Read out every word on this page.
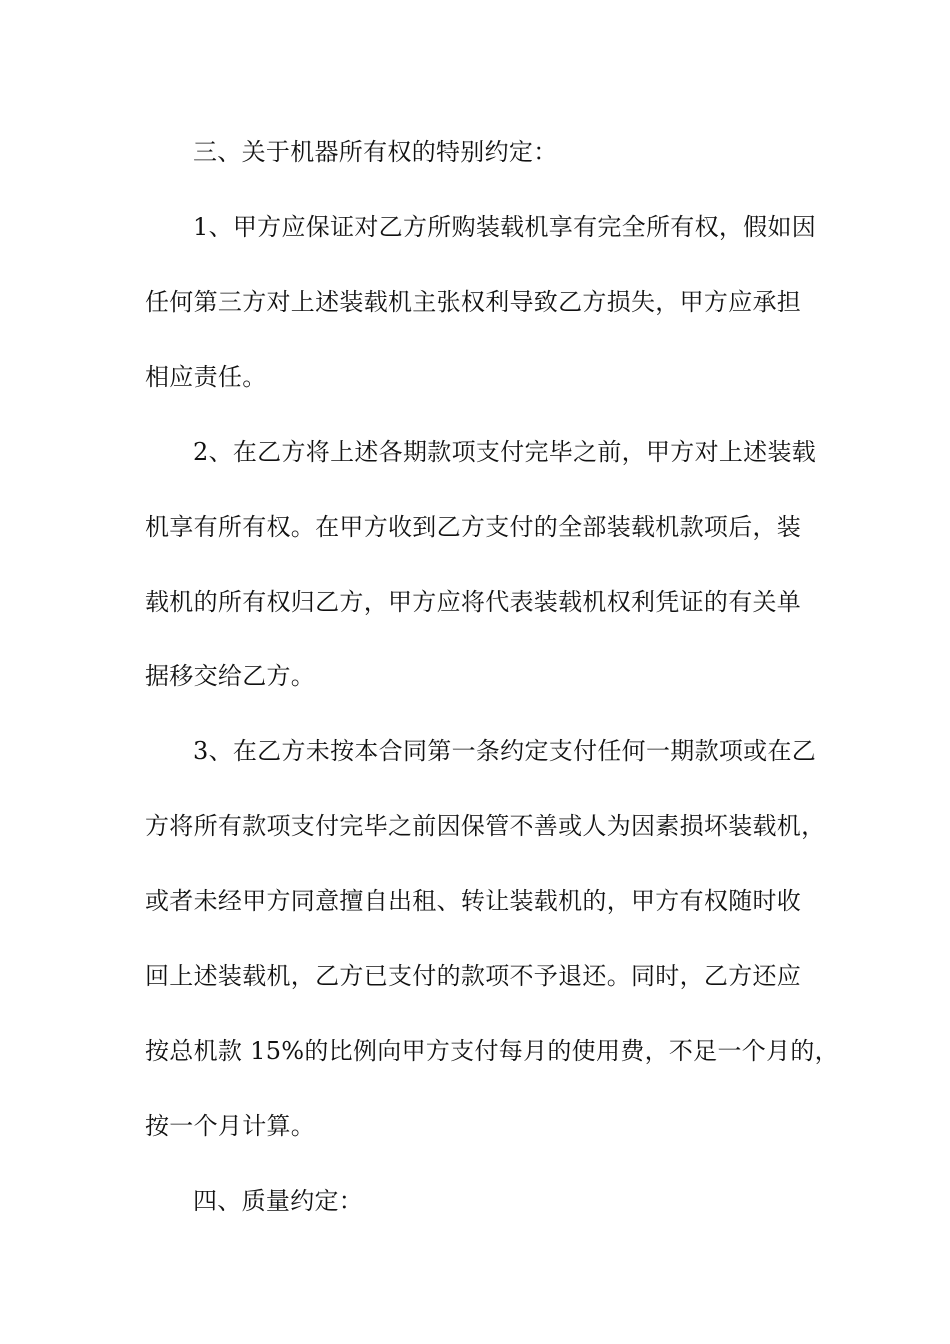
三、关于机器所有权的特别约定：
1、甲方应保证对乙方所购装载机享有完全所有权，假如因
任何第三方对上述装载机主张权利导致乙方损失，甲方应承担
相应责任。
2、在乙方将上述各期款项支付完毕之前，甲方对上述装载
机享有所有权。在甲方收到乙方支付的全部装载机款项后，装
载机的所有权归乙方，甲方应将代表装载机权利凭证的有关单
据移交给乙方。
3、在乙方未按本合同第一条约定支付任何一期款项或在乙
方将所有款项支付完毕之前因保管不善或人为因素损坏装载机，
或者未经甲方同意擅自出租、转让装载机的，甲方有权随时收
回上述装载机，乙方已支付的款项不予退还。同时，乙方还应
按总机款 15%的比例向甲方支付每月的使用费，不足一个月的，
按一个月计算。
四、质量约定：
